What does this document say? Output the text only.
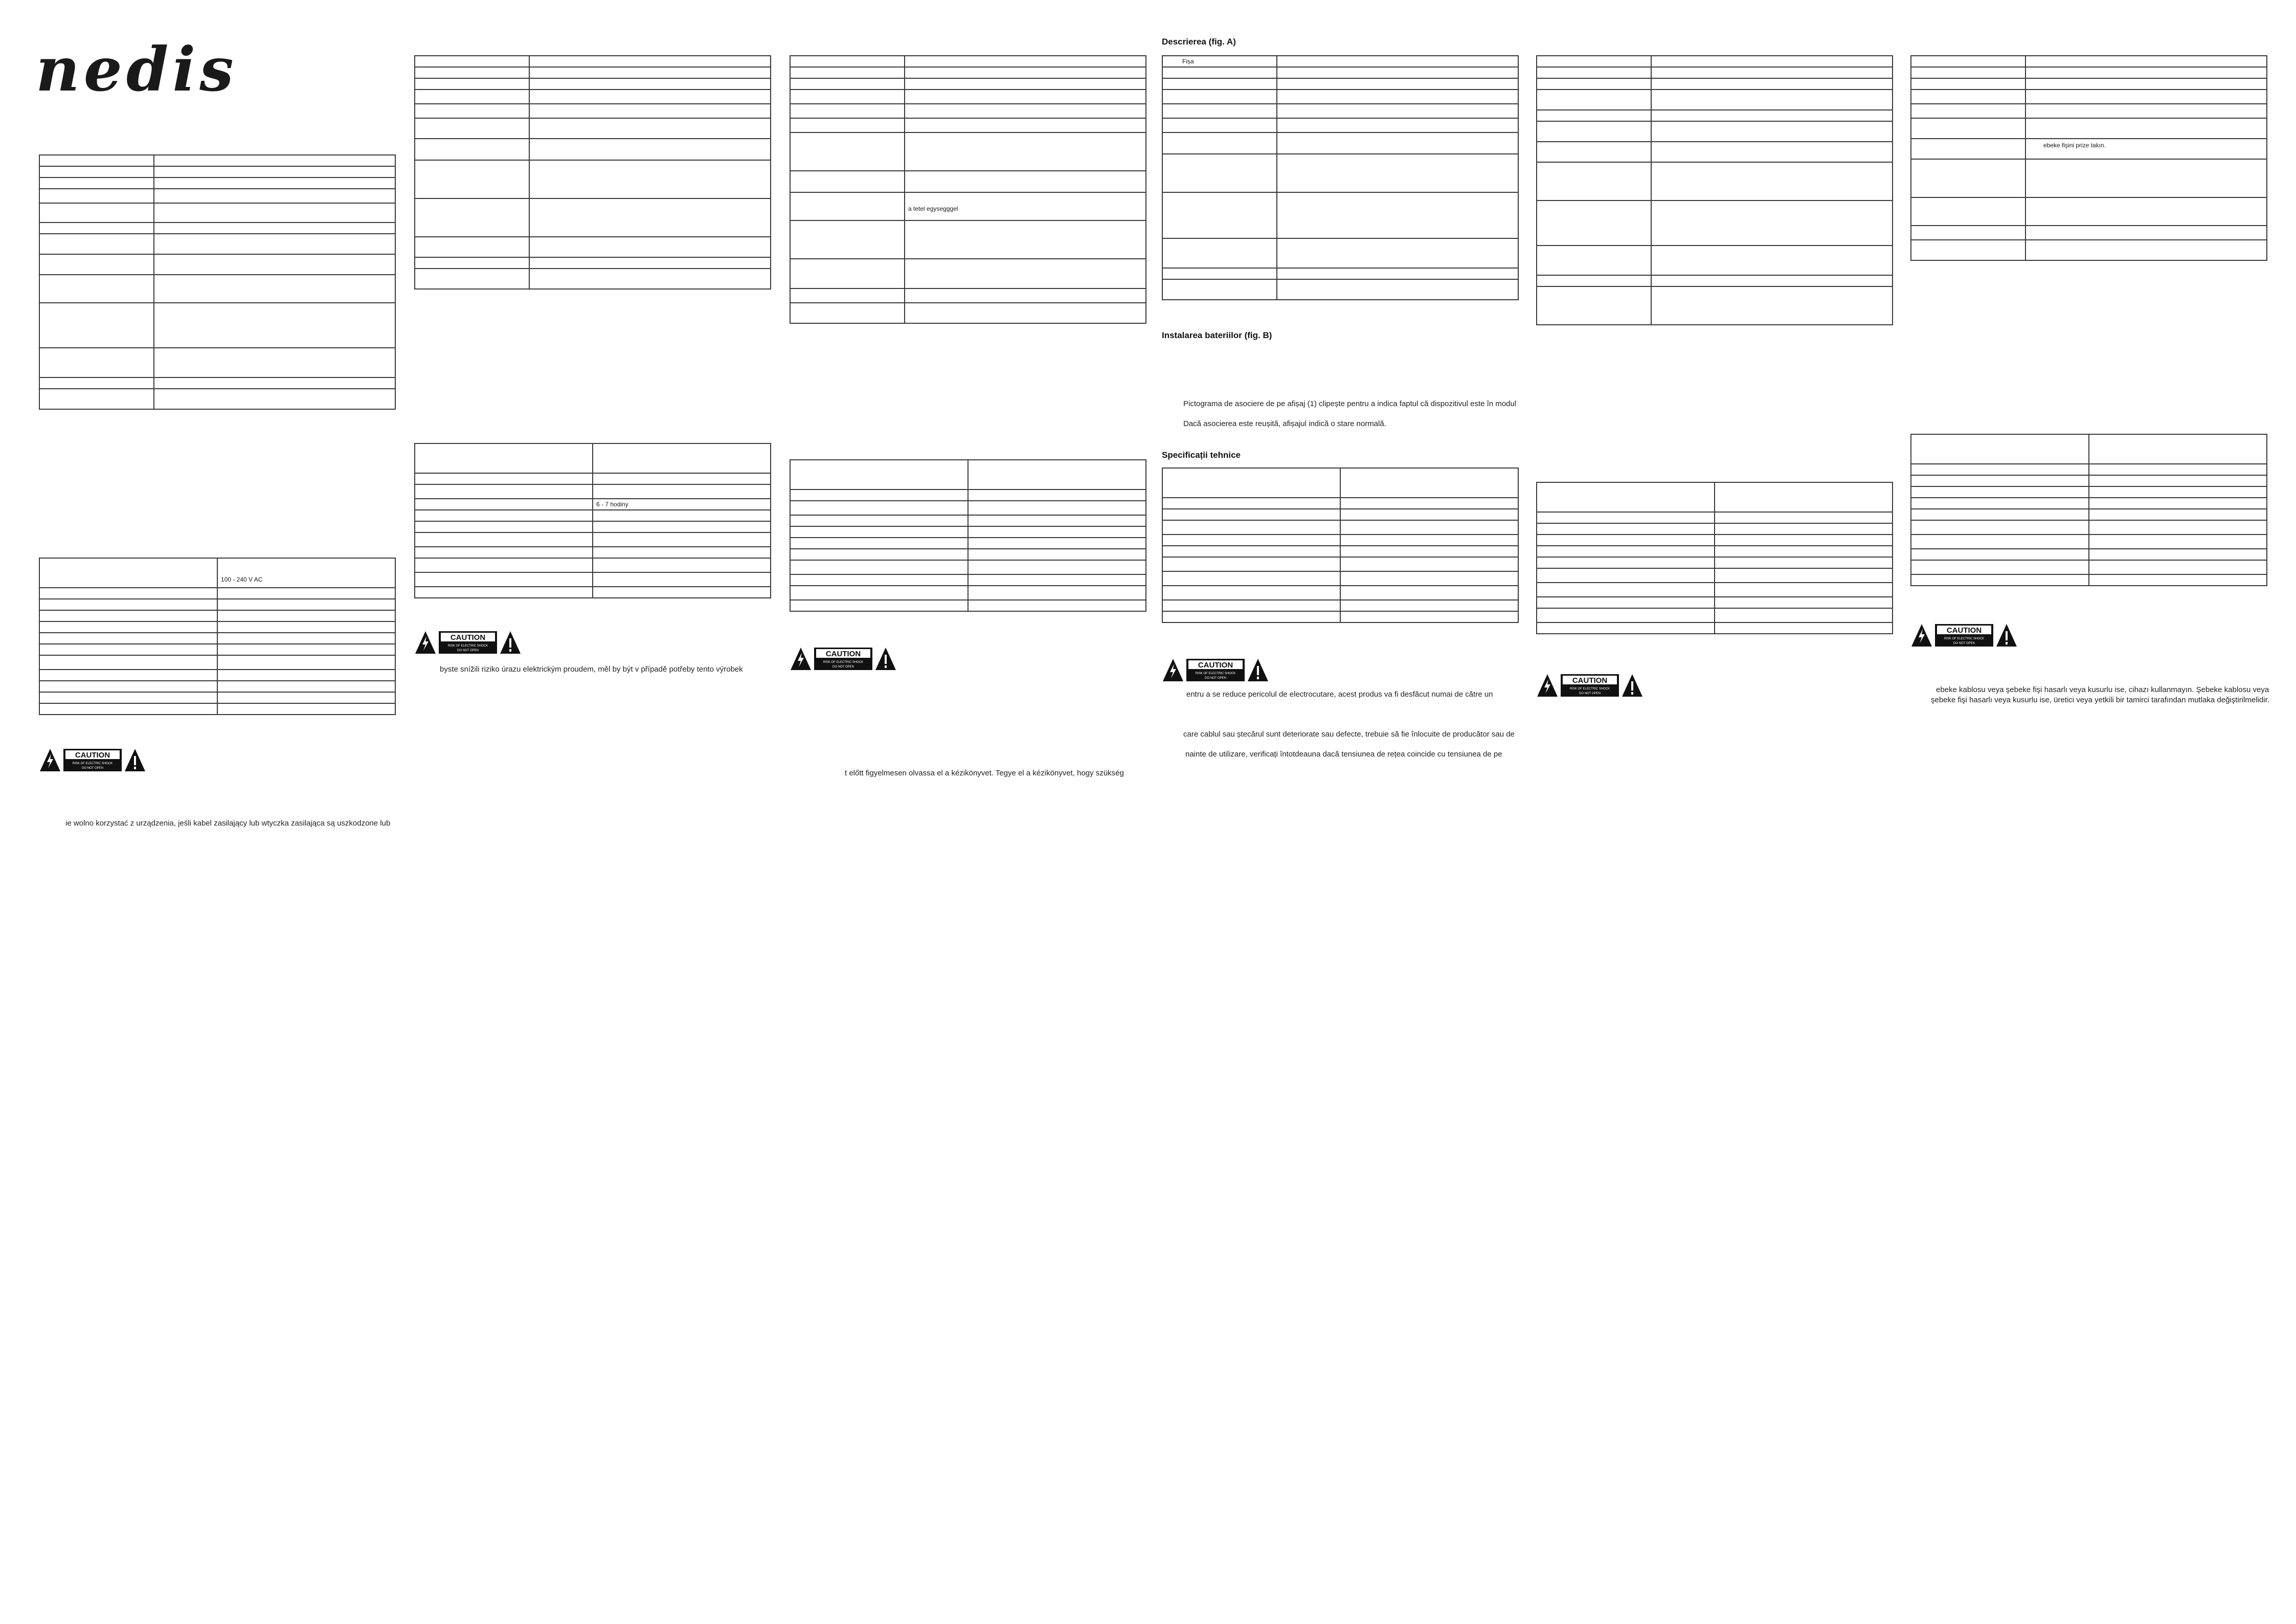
nedis

	100 - 240 V AC

	6 - 7 hodiny

	a tetel egysegggel

Descrierea (fig. A)
Fișa	

Instalarea bateriilor (fig. B)
Pictograma de asociere de pe afișaj (1) clipește pentru a indica faptul că dispozitivul este în modul
Dacă asocierea este reușită, afișajul indică o stare normală.
Specificații tehnice

	ebeke fişini prize takın.

CAUTION
RISK OF ELECTRIC SHOCK
DO NOT OPEN
CAUTION
RISK OF ELECTRIC SHOCK
DO NOT OPEN	CAUTION
RISK OF ELECTRIC SHOCK
DO NOT OPEN	CAUTION
RISK OF ELECTRIC SHOCK
DO NOT OPEN	CAUTION
RISK OF ELECTRIC SHOCK
DO NOT OPEN
CAUTION
RISK OF ELECTRIC SHOCK
DO NOT OPEN
ie wolno korzystać z urządzenia, jeśli kabel zasilający lub wtyczka zasilająca są uszkodzone lub
byste snížili riziko úrazu elektrickým proudem, měl by být v případě potřeby tento výrobek
t előtt figyelmesen olvassa el a kézikönyvet. Tegye el a kézikönyvet, hogy szükség
entru a se reduce pericolul de electrocutare, acest produs va fi desfăcut numai de către un
care cablul sau ștecărul sunt deteriorate sau defecte, trebuie să fie înlocuite de producător sau de
nainte de utilizare, verificați întotdeauna dacă tensiunea de rețea coincide cu tensiunea de pe
ebeke kablosu veya şebeke fişi hasarlı veya kusurlu ise, cihazı kullanmayın. Şebeke kablosu veya
şebeke fişi hasarlı veya kusurlu ise, üretici veya yetkili bir tamirci tarafından mutlaka değiştirilmelidir.
